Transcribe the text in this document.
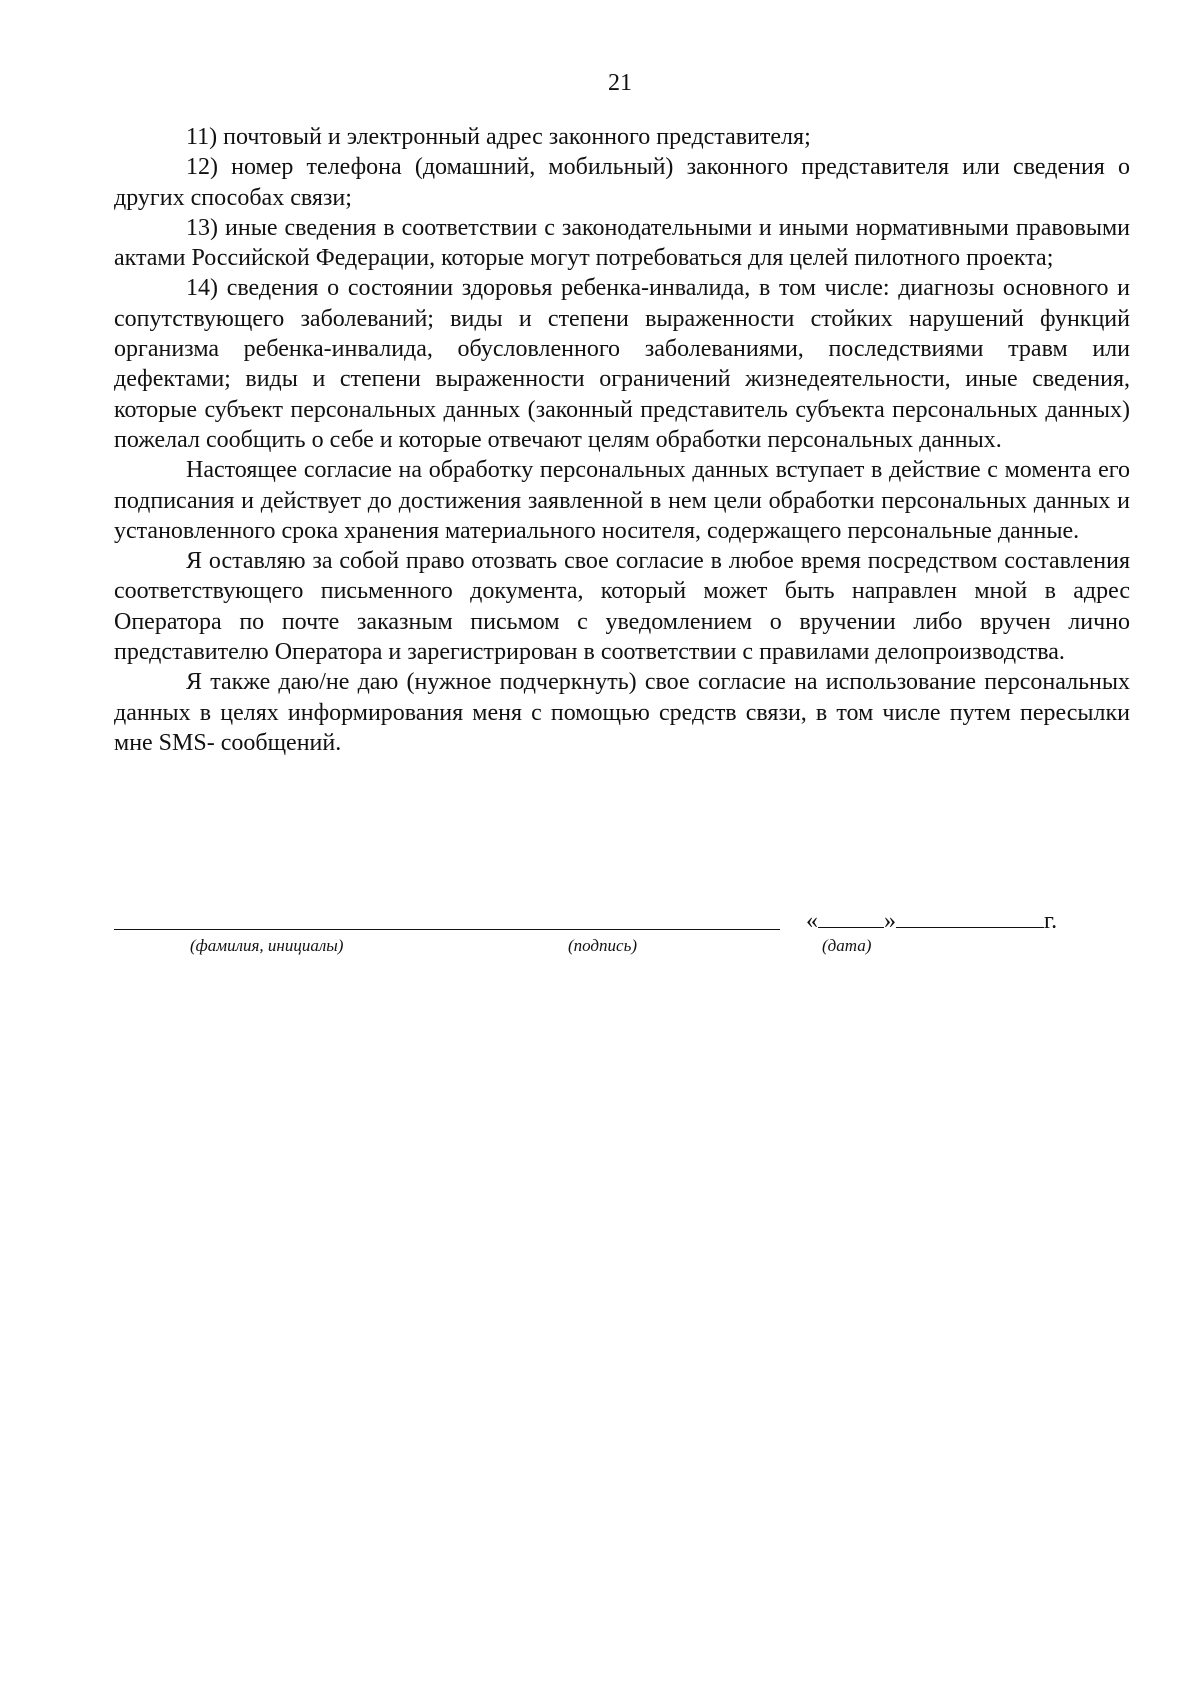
21

11) почтовый и электронный адрес законного представителя;

12) номер телефона (домашний, мобильный) законного представителя или сведения о других способах связи;

13) иные сведения в соответствии с законодательными и иными нормативными правовыми актами Российской Федерации, которые могут потребоваться для целей пилотного проекта;

14) сведения о состоянии здоровья ребенка-инвалида, в том числе: диагнозы основного и сопутствующего заболеваний; виды и степени выраженности стойких нарушений функций организма ребенка-инвалида, обусловленного заболеваниями, последствиями травм или дефектами; виды и степени выраженности ограничений жизнедеятельности, иные сведения, которые субъект персональных данных (законный представитель субъекта персональных данных) пожелал сообщить о себе и которые отвечают целям обработки персональных данных.

Настоящее согласие на обработку персональных данных вступает в действие с момента его подписания и действует до достижения заявленной в нем цели обработки персональных данных и установленного срока хранения материального носителя, содержащего персональные данные.

Я оставляю за собой право отозвать свое согласие в любое время посредством составления соответствующего письменного документа, который может быть направлен мной в адрес Оператора по почте заказным письмом с уведомлением о вручении либо вручен лично представителю Оператора и зарегистрирован в соответствии с правилами делопроизводства.

Я также даю/не даю (нужное подчеркнуть) свое согласие на использование персональных данных в целях информирования меня с помощью средств связи, в том числе путем пересылки мне SMS- сообщений.

(фамилия, инициалы)	(подпись)	(дата)
«	»	г.
